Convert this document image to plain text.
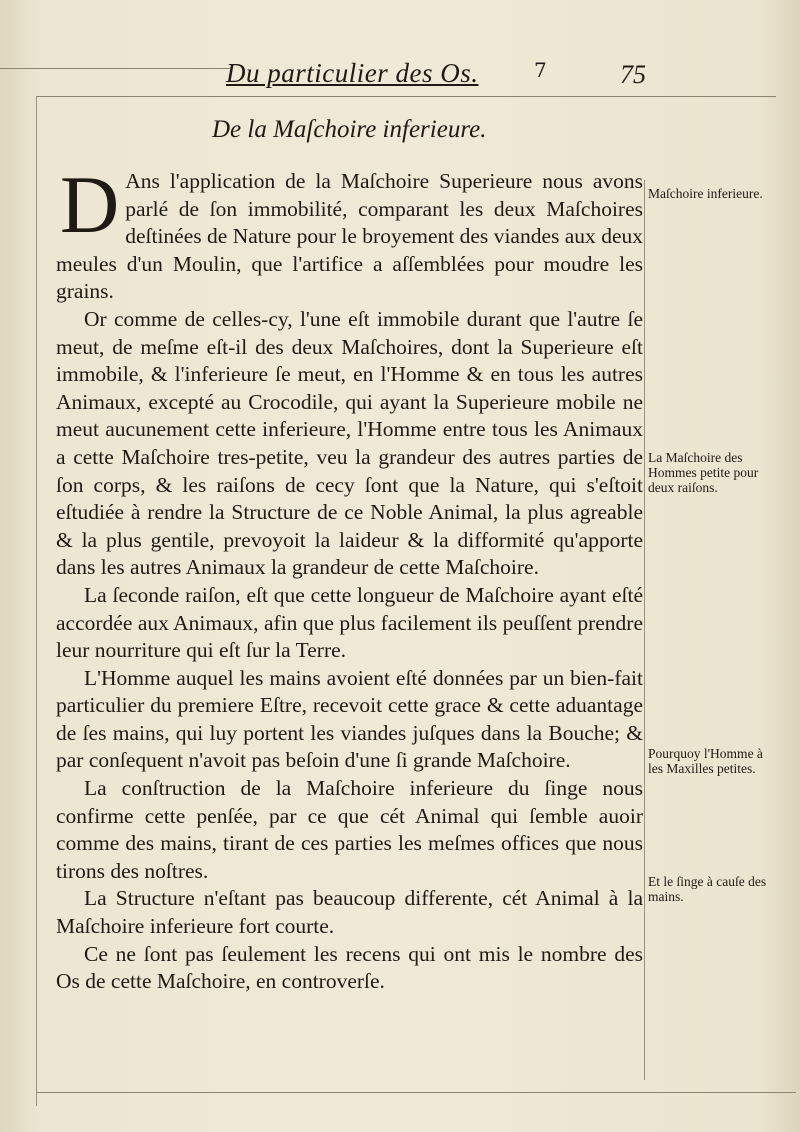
Du particulier des Os.	7	75
De la Maſchoire inferieure.

D Ans l'application de la Maſchoire Superieure nous avons parlé de ſon immobilité, comparant les deux Maſchoires deſtinées de Nature pour le broyement des viandes aux deux meules d'un Moulin, que l'artifice a aſſemblées pour moudre les grains.

Or comme de celles-cy, l'une eſt immobile durant que l'autre ſe meut, de meſme eſt-il des deux Maſchoires, dont la Superieure eſt immobile, & l'inferieure ſe meut, en l'Homme & en tous les autres Animaux, excepté au Crocodile, qui ayant la Superieure mobile ne meut aucunement cette inferieure, l'Homme entre tous les Animaux a cette Maſchoire tres-petite, veu la grandeur des autres parties de ſon corps, & les raiſons de cecy ſont que la Nature, qui s'eſtoit eſtudiée à rendre la Structure de ce Noble Animal, la plus agreable & la plus gentile, prevoyoit la laideur & la difformité qu'apporte dans les autres Animaux la grandeur de cette Maſchoire.

La ſeconde raiſon, eſt que cette longueur de Maſchoire ayant eſté accordée aux Animaux, afin que plus facilement ils peuſſent prendre leur nourriture qui eſt ſur la Terre.

L'Homme auquel les mains avoient eſté données par un bien-fait particulier du premiere Eſtre, recevoit cette grace & cette aduantage de ſes mains, qui luy portent les viandes juſques dans la Bouche; & par conſequent n'avoit pas beſoin d'une ſi grande Maſchoire.

La conſtruction de la Maſchoire inferieure du ſinge nous confirme cette penſée, par ce que cét Animal qui ſemble auoir comme des mains, tirant de ces parties les meſmes offices que nous tirons des noſtres.

La Structure n'eſtant pas beaucoup differente, cét Animal à la Maſchoire inferieure fort courte.

Ce ne ſont pas ſeulement les recens qui ont mis le nombre des Os de cette Maſchoire, en controverſe.

Maſchoire inferieure.
La Maſchoire des Hommes petite pour deux raiſons.
Pourquoy l'Homme à les Maxilles petites.
Et le ſinge à cauſe des mains.
